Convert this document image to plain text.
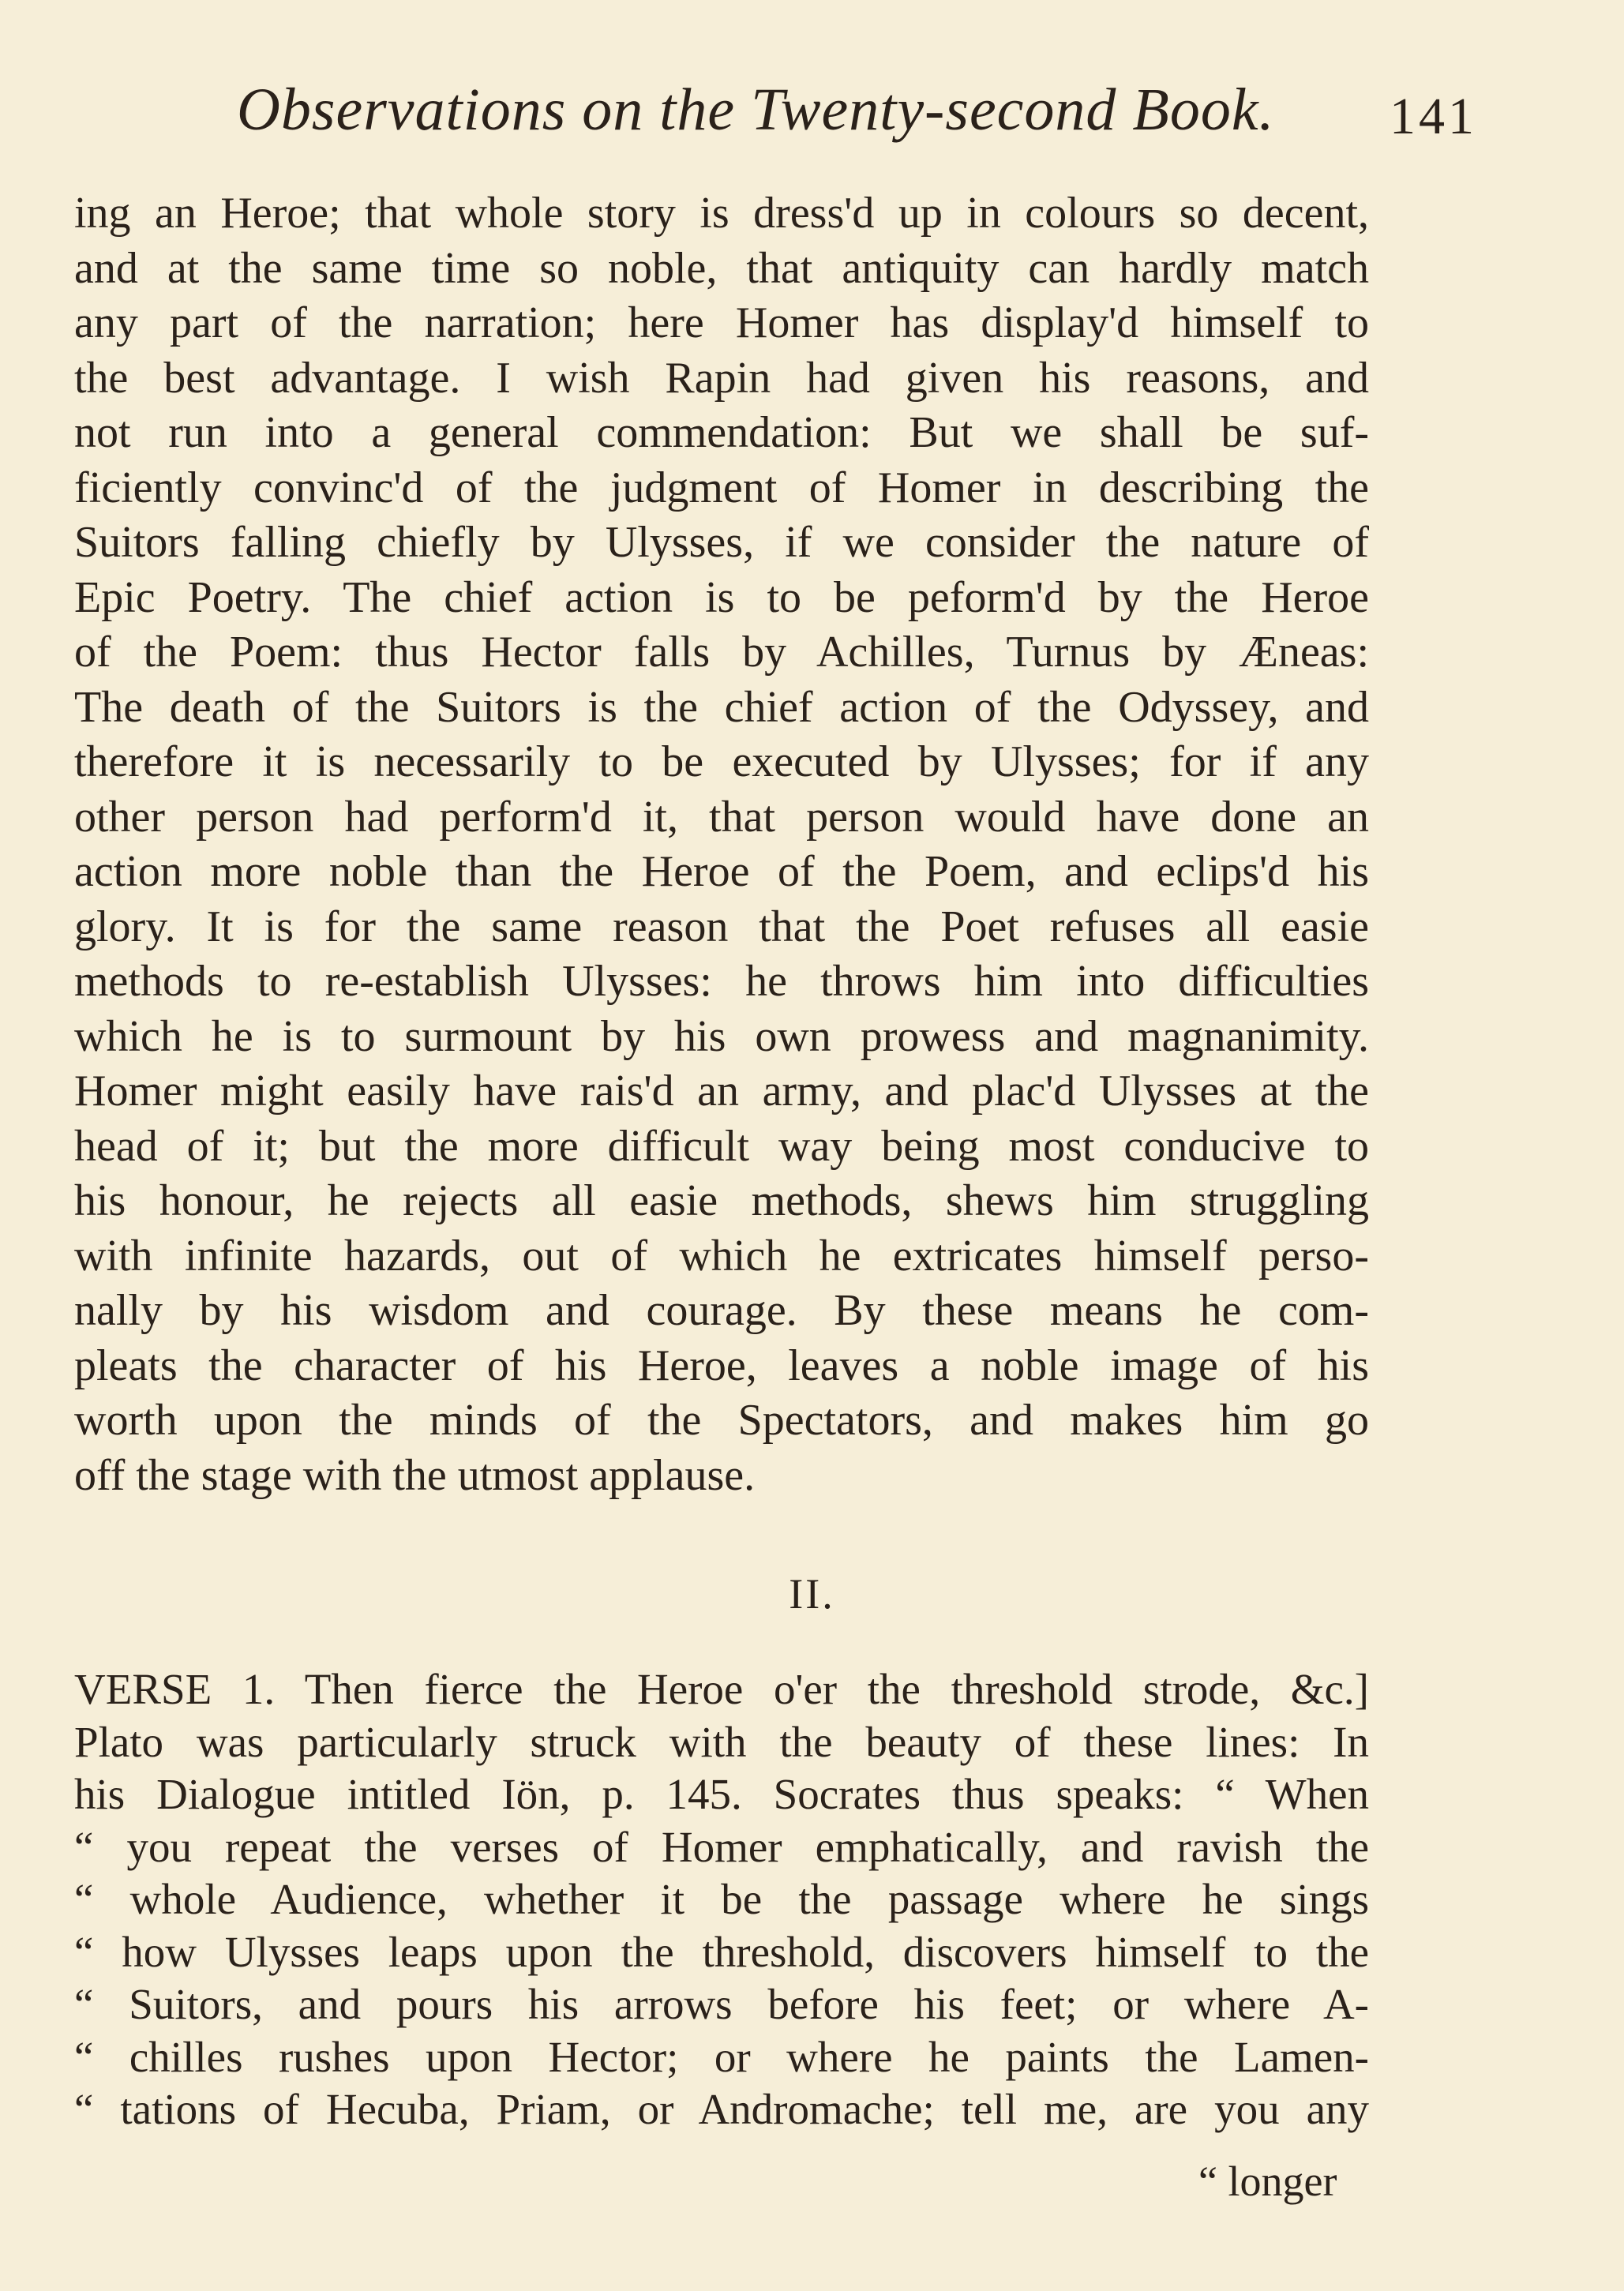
Observations on the Twenty-second Book. 141
ing an Heroe; that whole story is dress'd up in colours so decent,
and at the same time so noble, that antiquity can hardly match
any part of the narration; here Homer has display'd himself to
the best advantage. I wish Rapin had given his reasons, and
not run into a general commendation: But we shall be suf-
ficiently convinc'd of the judgment of Homer in describing the
Suitors falling chiefly by Ulysses, if we consider the nature of
Epic Poetry. The chief action is to be peform'd by the Heroe
of the Poem: thus Hector falls by Achilles, Turnus by Æneas:
The death of the Suitors is the chief action of the Odyssey, and
therefore it is necessarily to be executed by Ulysses; for if any
other person had perform'd it, that person would have done an
action more noble than the Heroe of the Poem, and eclips'd his
glory. It is for the same reason that the Poet refuses all easie
methods to re-establish Ulysses: he throws him into difficulties
which he is to surmount by his own prowess and magnanimity.
Homer might easily have rais'd an army, and plac'd Ulysses at the
head of it; but the more difficult way being most conducive to
his honour, he rejects all easie methods, shews him struggling
with infinite hazards, out of which he extricates himself perso-
nally by his wisdom and courage. By these means he com-
pleats the character of his Heroe, leaves a noble image of his
worth upon the minds of the Spectators, and makes him go
off the stage with the utmost applause.
II.
VERSE 1. Then fierce the Heroe o'er the threshold strode, &c.]
Plato was particularly struck with the beauty of these lines: In
his Dialogue intitled Iön, p. 145. Socrates thus speaks: “ When
“ you repeat the verses of Homer emphatically, and ravish the
“ whole Audience, whether it be the passage where he sings
“ how Ulysses leaps upon the threshold, discovers himself to the
“ Suitors, and pours his arrows before his feet; or where A-
“ chilles rushes upon Hector; or where he paints the Lamen-
“ tations of Hecuba, Priam, or Andromache; tell me, are you any
“ longer
